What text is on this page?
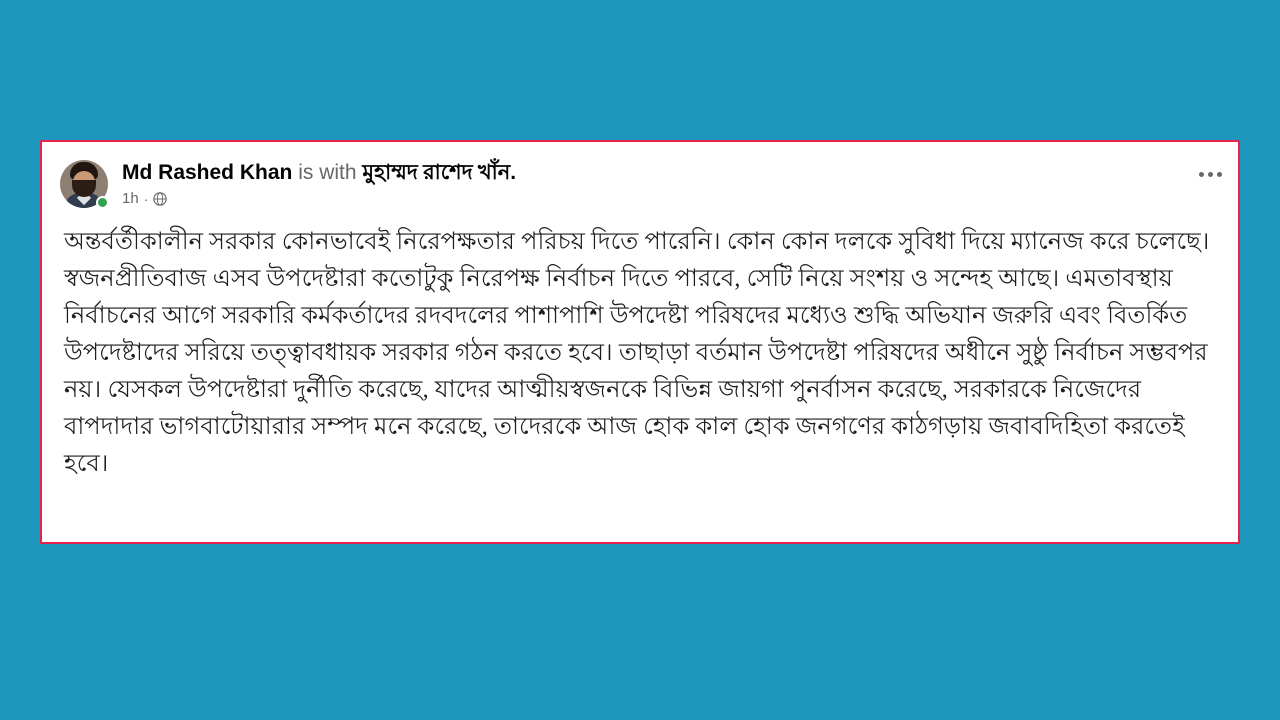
Md Rashed Khan is with মুহাম্মদ রাশেদ খাঁন.
1h ·
অন্তর্বর্তীকালীন সরকার কোনভাবেই নিরেপক্ষতার পরিচয় দিতে পারেনি। কোন কোন দলকে সুবিধা দিয়ে ম্যানেজ করে চলেছে। স্বজনপ্রীতিবাজ এসব উপদেষ্টারা কতোটুকু নিরেপক্ষ নির্বাচন দিতে পারবে, সেটি নিয়ে সংশয় ও সন্দেহ আছে। এমতাবস্থায় নির্বাচনের আগে সরকারি কর্মকর্তাদের রদবদলের পাশাপাশি উপদেষ্টা পরিষদের মধ্যেও শুদ্ধি অভিযান জরুরি এবং বিতর্কিত উপদেষ্টাদের সরিয়ে তত্ত্বাবধায়ক সরকার গঠন করতে হবে। তাছাড়া বর্তমান উপদেষ্টা পরিষদের অধীনে সুষ্ঠু নির্বাচন সম্ভবপর নয়। যেসকল উপদেষ্টারা দুর্নীতি করেছে, যাদের আত্মীয়স্বজনকে বিভিন্ন জায়গা পুনর্বাসন করেছে, সরকারকে নিজেদের বাপদাদার ভাগবাটোয়ারার সম্পদ মনে করেছে, তাদেরকে আজ হোক কাল হোক জনগণের কাঠগড়ায় জবাবদিহিতা করতেই হবে।
